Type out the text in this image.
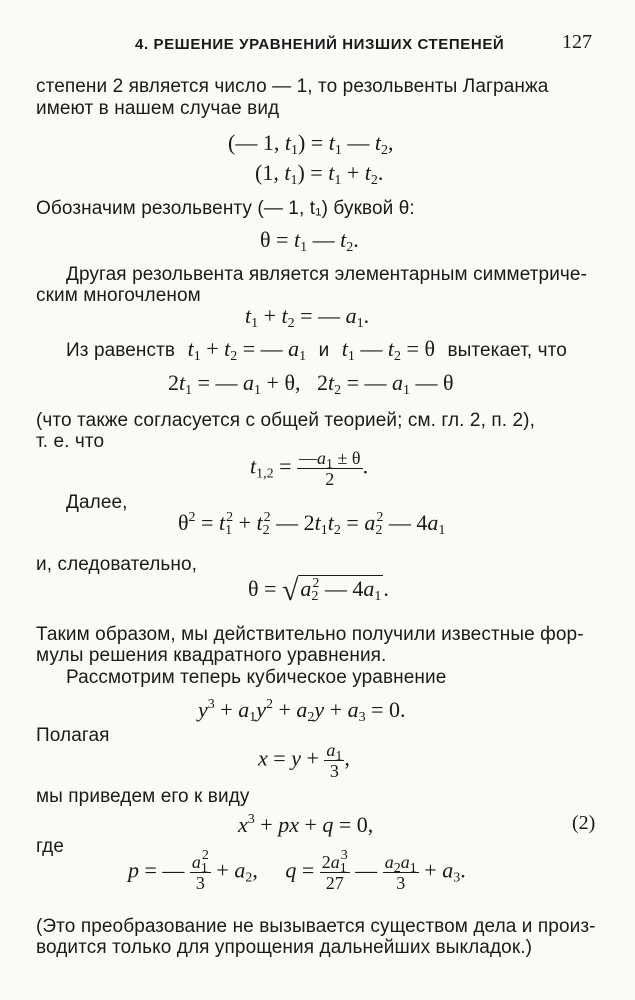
4. РЕШЕНИЕ УРАВНЕНИЙ НИЗШИХ СТЕПЕНЕЙ	127
степени 2 является число — 1, то резольвенты Лагранжа
имеют в нашем случае вид
(— 1, $t_1) = t_1$ — $t_2$,
(1, $t_1) = t_1 + t_2$.
Обозначим резольвенту (— 1, t₁) буквой θ:
$\theta = t_1$ — $t_2$.
Другая резольвента является элементарным симметриче-
ским многочленом
$t_1 + t_2$ = — $a_1$.
Из равенств $t_1 + t_2$ = — $a_1$ и $t_1$ — $t_2 = \theta$ вытекает, что
$2t_1$ = — $a_1 + \theta$,   $2t_2$ = — $a_1$ — θ
(что также согласуется с общей теорией; см. гл. 2, п. 2),
т. е. что
$t_{1,2} = \frac{—a_1 \pm \theta}{2}$ .
Далее,
$\theta^2 = t_1^2 + t_2^2$ — $2t_1t_2 = a_2^2$ — $4a_1$
и, следовательно,
$\theta = √a_2^2$ — $4a_1$.
Таким образом, мы действительно получили известные фор-
мулы решения квадратного уравнения.
Рассмотрим теперь кубическое уравнение
$y^3 + a_1y^2 + a_2y + a_3 = 0$.
Полагая
$x = y + \frac{a_1}{3}$ ,
мы приведем его к виду
$x^3$ + px + q = 0,	(2)
где
p = — $\frac{a_1^2}{3} + a_2$,     $q = \frac{2a_1^3}{27}$ — $\frac{a_2a_1}{3} + a_3$.
(Это преобразование не вызывается существом дела и произ-
водится только для упрощения дальнейших выкладок.)
